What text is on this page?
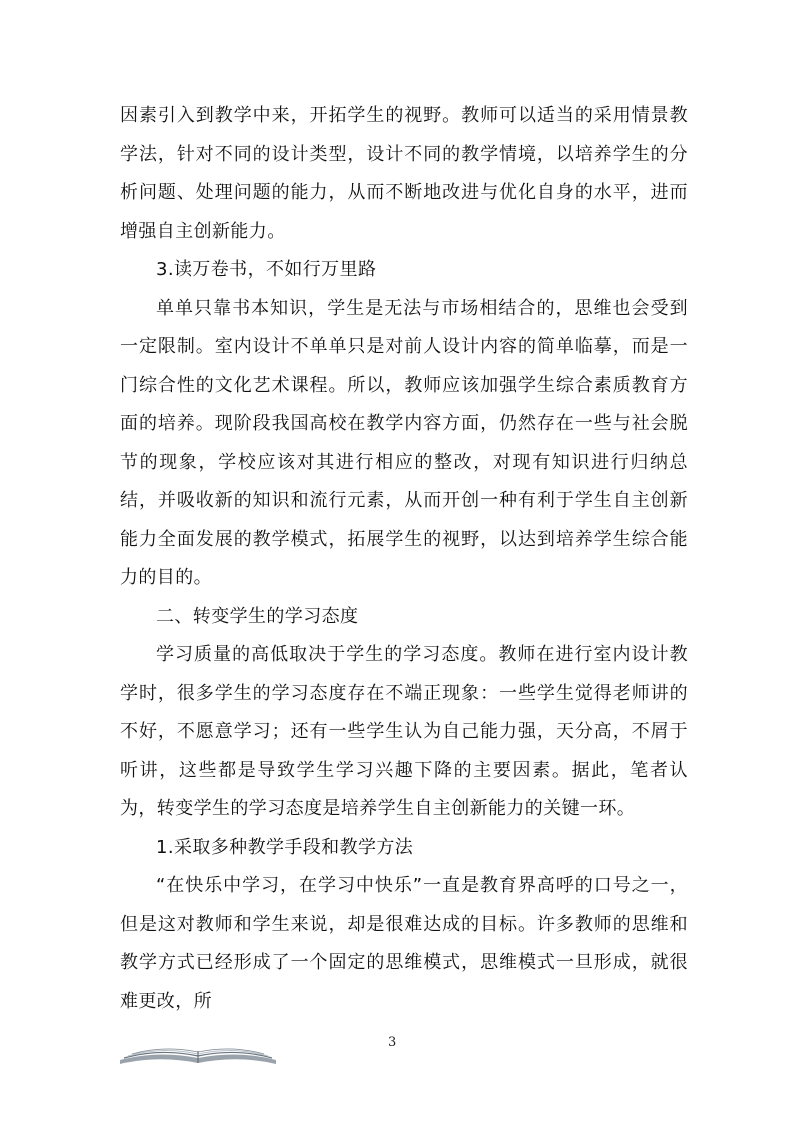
因素引入到教学中来，开拓学生的视野。教师可以适当的采用情景教学法，针对不同的设计类型，设计不同的教学情境，以培养学生的分析问题、处理问题的能力，从而不断地改进与优化自身的水平，进而增强自主创新能力。

3.读万卷书，不如行万里路

单单只靠书本知识，学生是无法与市场相结合的，思维也会受到一定限制。室内设计不单单只是对前人设计内容的简单临摹，而是一门综合性的文化艺术课程。所以，教师应该加强学生综合素质教育方面的培养。现阶段我国高校在教学内容方面，仍然存在一些与社会脱节的现象，学校应该对其进行相应的整改，对现有知识进行归纳总结，并吸收新的知识和流行元素，从而开创一种有利于学生自主创新能力全面发展的教学模式，拓展学生的视野，以达到培养学生综合能力的目的。

二、转变学生的学习态度

学习质量的高低取决于学生的学习态度。教师在进行室内设计教学时，很多学生的学习态度存在不端正现象：一些学生觉得老师讲的不好，不愿意学习；还有一些学生认为自己能力强，天分高，不屑于听讲，这些都是导致学生学习兴趣下降的主要因素。据此，笔者认为，转变学生的学习态度是培养学生自主创新能力的关键一环。

1.采取多种教学手段和教学方法

“在快乐中学习，在学习中快乐”一直是教育界高呼的口号之一，但是这对教师和学生来说，却是很难达成的目标。许多教师的思维和教学方式已经形成了一个固定的思维模式，思维模式一旦形成，就很难更改，所

3
